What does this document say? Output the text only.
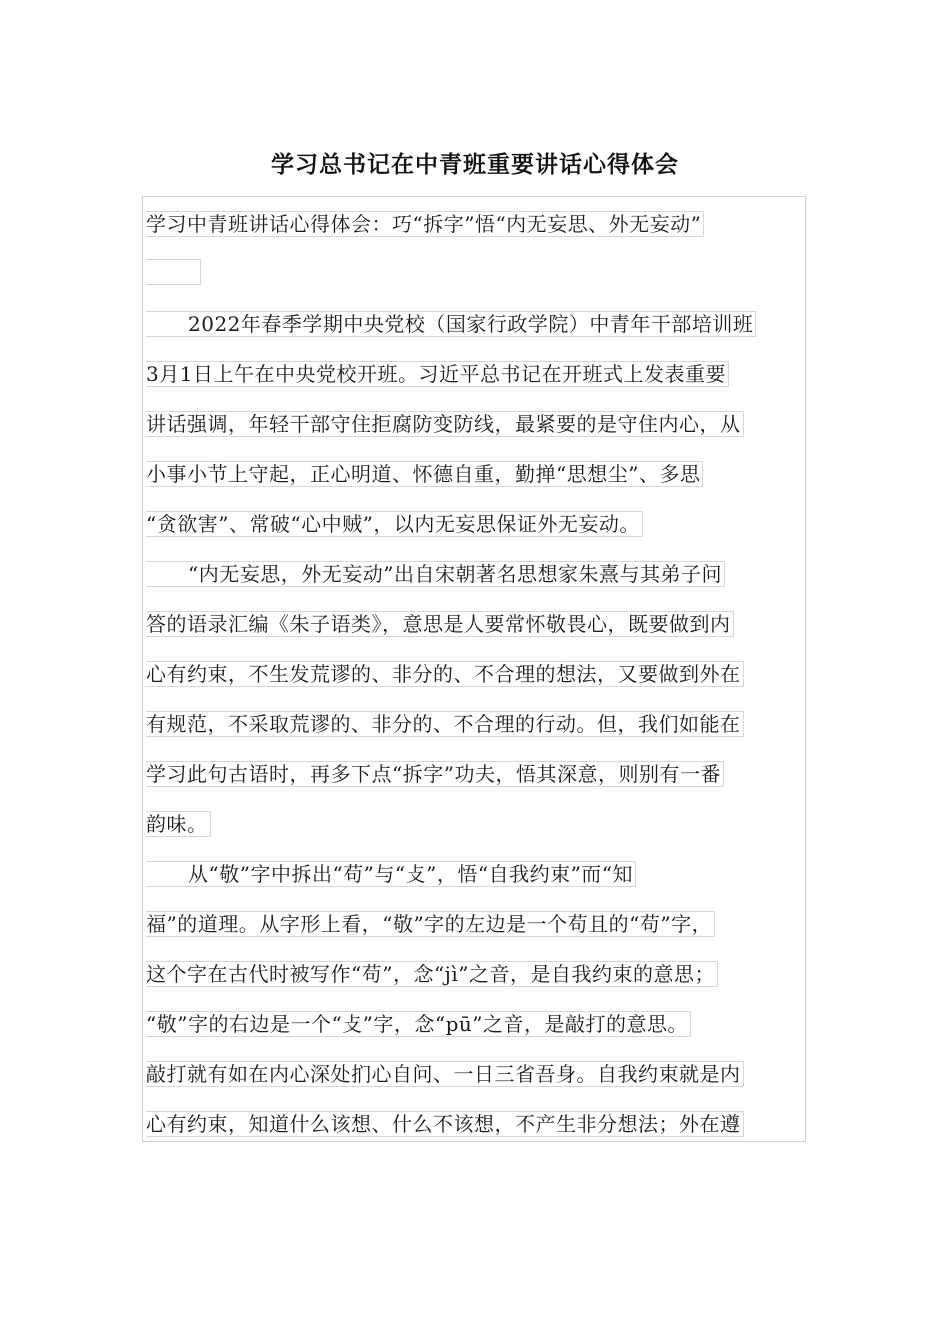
学习总书记在中青班重要讲话心得体会
学习中青班讲话心得体会：巧“拆字”悟“内无妄思、外无妄动”
2022年春季学期中央党校（国家行政学院）中青年干部培训班
3月1日上午在中央党校开班。习近平总书记在开班式上发表重要
讲话强调，年轻干部守住拒腐防变防线，最紧要的是守住内心，从
小事小节上守起，正心明道、怀德自重，勤掸“思想尘”、多思
“贪欲害”、常破“心中贼”，以内无妄思保证外无妄动。
“内无妄思，外无妄动”出自宋朝著名思想家朱熹与其弟子问
答的语录汇编《朱子语类》，意思是人要常怀敬畏心，既要做到内
心有约束，不生发荒谬的、非分的、不合理的想法，又要做到外在
有规范，不采取荒谬的、非分的、不合理的行动。但，我们如能在
学习此句古语时，再多下点“拆字”功夫，悟其深意，则别有一番
韵味。
从“敬”字中拆出“苟”与“攴”，悟“自我约束”而“知
福”的道理。从字形上看，“敬”字的左边是一个苟且的“苟”字，
这个字在古代时被写作“苟”，念“jì”之音，是自我约束的意思；
“敬”字的右边是一个“攴”字，念“pū”之音，是敲打的意思。
敲打就有如在内心深处扪心自问、一日三省吾身。自我约束就是内
心有约束，知道什么该想、什么不该想，不产生非分想法；外在遵
